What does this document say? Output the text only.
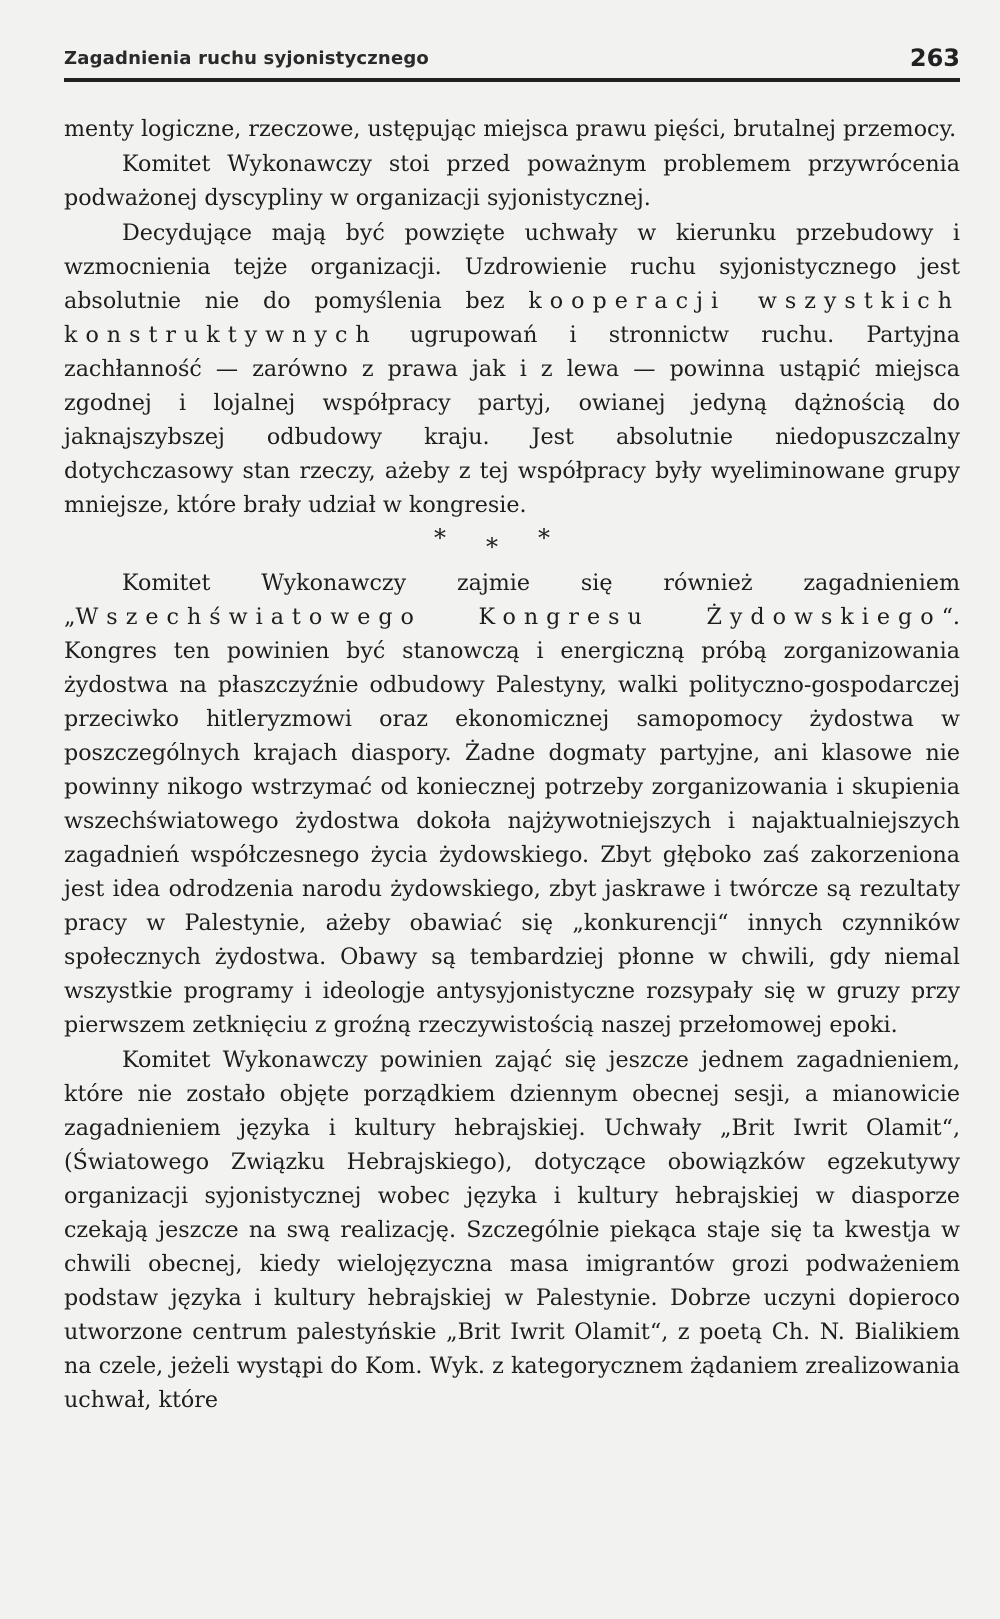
Zagadnienia ruchu syjonistycznego	263

menty logiczne, rzeczowe, ustępując miejsca prawu pięści, brutalnej przemocy.

Komitet Wykonawczy stoi przed poważnym problemem przywrócenia podważonej dyscypliny w organizacji syjonistycznej.

Decydujące mają być powzięte uchwały w kierunku przebudowy i wzmocnienia tejże organizacji. Uzdrowienie ruchu syjonistycznego jest absolutnie nie do pomyślenia bez kooperacji wszystkich konstruktywnych ugrupowań i stronnictw ruchu. Partyjna zachłanność — zarówno z prawa jak i z lewa — powinna ustąpić miejsca zgodnej i lojalnej współpracy partyj, owianej jedyną dążnością do jaknajszybszej odbudowy kraju. Jest absolutnie niedopuszczalny dotychczasowy stan rzeczy, ażeby z tej współpracy były wyeliminowane grupy mniejsze, które brały udział w kongresie.

***

Komitet Wykonawczy zajmie się również zagadnieniem „Wszechświatowego Kongresu Żydowskiego“. Kongres ten powinien być stanowczą i energiczną próbą zorganizowania żydostwa na płaszczyźnie odbudowy Palestyny, walki polityczno-gospodarczej przeciwko hitleryzmowi oraz ekonomicznej samopomocy żydostwa w poszczególnych krajach diaspory. Żadne dogmaty partyjne, ani klasowe nie powinny nikogo wstrzymać od koniecznej potrzeby zorganizowania i skupienia wszechświatowego żydostwa dokoła najżywotniejszych i najaktualniejszych zagadnień współczesnego życia żydowskiego. Zbyt głęboko zaś zakorzeniona jest idea odrodzenia narodu żydowskiego, zbyt jaskrawe i twórcze są rezultaty pracy w Palestynie, ażeby obawiać się „konkurencji“ innych czynników społecznych żydostwa. Obawy są tembardziej płonne w chwili, gdy niemal wszystkie programy i ideologje antysyjonistyczne rozsypały się w gruzy przy pierwszem zetknięciu z groźną rzeczywistością naszej przełomowej epoki.

Komitet Wykonawczy powinien zająć się jeszcze jednem zagadnieniem, które nie zostało objęte porządkiem dziennym obecnej sesji, a mianowicie zagadnieniem języka i kultury hebrajskiej. Uchwały „Brit Iwrit Olamit“, (Światowego Związku Hebrajskiego), dotyczące obowiązków egzekutywy organizacji syjonistycznej wobec języka i kultury hebrajskiej w diasporze czekają jeszcze na swą realizację. Szczególnie piekąca staje się ta kwestja w chwili obecnej, kiedy wielojęzyczna masa imigrantów grozi podważeniem podstaw języka i kultury hebrajskiej w Palestynie. Dobrze uczyni dopieroco utworzone centrum palestyńskie „Brit Iwrit Olamit“, z poetą Ch. N. Bialikiem na czele, jeżeli wystąpi do Kom. Wyk. z kategorycznem żądaniem zrealizowania uchwał, które
